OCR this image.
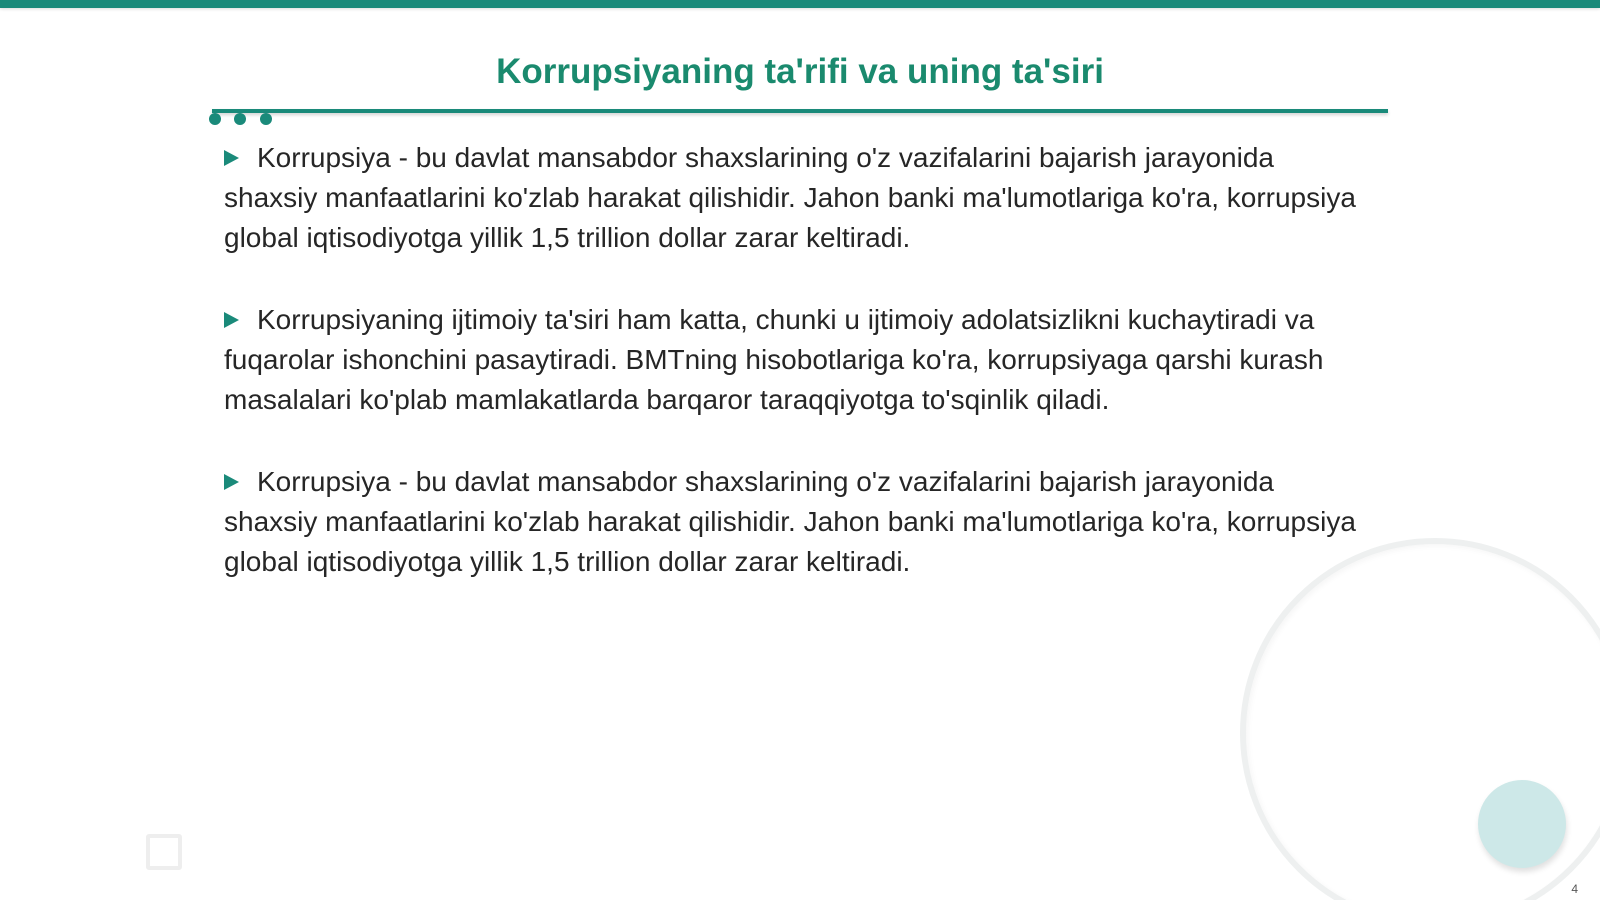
Korrupsiyaning ta'rifi va uning ta'siri

Korrupsiya - bu davlat mansabdor shaxslarining o'z vazifalarini bajarish jarayonida shaxsiy manfaatlarini ko'zlab harakat qilishidir. Jahon banki ma'lumotlariga ko'ra, korrupsiya global iqtisodiyotga yillik 1,5 trillion dollar zarar keltiradi.

Korrupsiyaning ijtimoiy ta'siri ham katta, chunki u ijtimoiy adolatsizlikni kuchaytiradi va fuqarolar ishonchini pasaytiradi. BMTning hisobotlariga ko'ra, korrupsiyaga qarshi kurash masalalari ko'plab mamlakatlarda barqaror taraqqiyotga to'sqinlik qiladi.

Korrupsiya - bu davlat mansabdor shaxslarining o'z vazifalarini bajarish jarayonida shaxsiy manfaatlarini ko'zlab harakat qilishidir. Jahon banki ma'lumotlariga ko'ra, korrupsiya global iqtisodiyotga yillik 1,5 trillion dollar zarar keltiradi.

4
